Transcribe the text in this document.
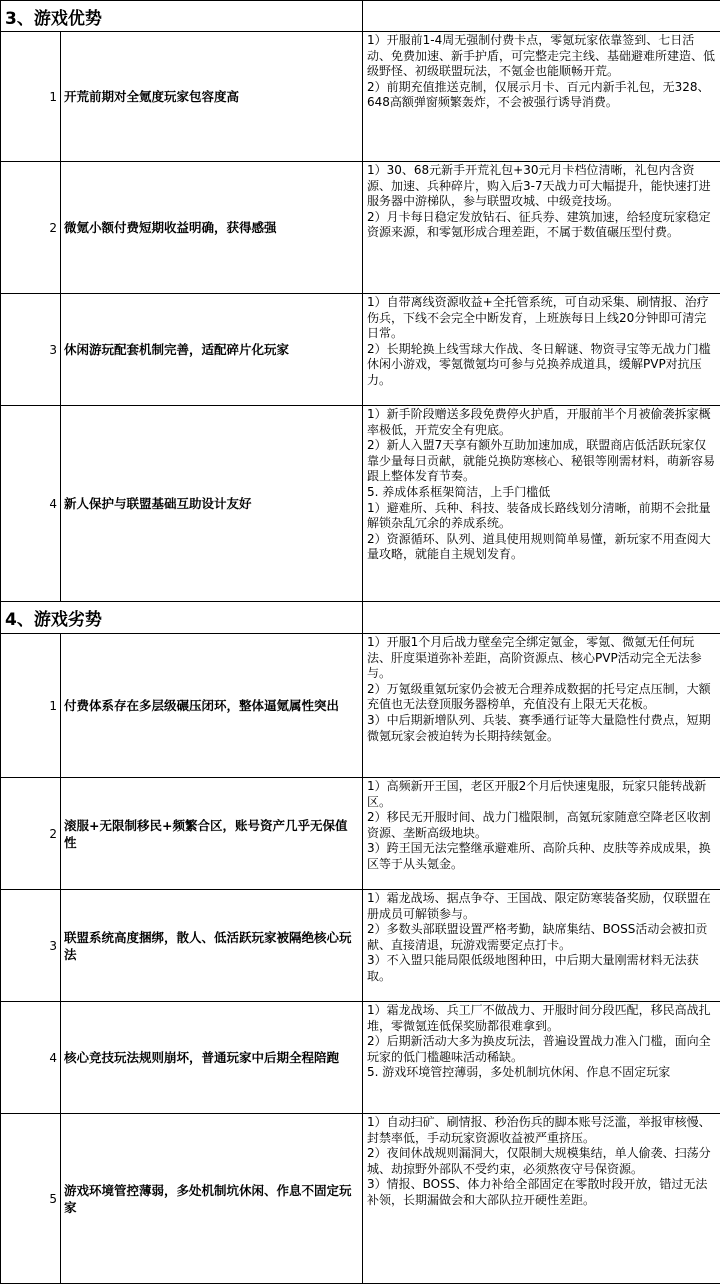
3、游戏优势		
1	开荒前期对全氪度玩家包容度高	1）开服前1-4周无强制付费卡点，零氪玩家依靠签到、七日活动、免费加速、新手护盾，可完整走完主线、基础避难所建造、低级野怪、初级联盟玩法，不氪金也能顺畅开荒。

2）前期充值推送克制，仅展示月卡、百元内新手礼包，无328、648高额弹窗频繁轰炸，不会被强行诱导消费。

2	微氪小额付费短期收益明确，获得感强	1）30、68元新手开荒礼包+30元月卡档位清晰，礼包内含资源、加速、兵种碎片，购入后3-7天战力可大幅提升，能快速打进服务器中游梯队，参与联盟攻城、中级竞技场。

2）月卡每日稳定发放钻石、征兵券、建筑加速，给轻度玩家稳定资源来源，和零氪形成合理差距，不属于数值碾压型付费。

3	休闲游玩配套机制完善，适配碎片化玩家	1）自带离线资源收益+全托管系统，可自动采集、刷情报、治疗伤兵，下线不会完全中断发育，上班族每日上线20分钟即可清完日常。

2）长期轮换上线雪球大作战、冬日解谜、物资寻宝等无战力门槛休闲小游戏，零氪微氪均可参与兑换养成道具，缓解PVP对抗压力。

4	新人保护与联盟基础互助设计友好	1）新手阶段赠送多段免费停火护盾，开服前半个月被偷袭拆家概率极低，开荒安全有兜底。

2）新人入盟7天享有额外互助加速加成，联盟商店低活跃玩家仅靠少量每日贡献，就能兑换防寒核心、秘银等刚需材料，萌新容易跟上整体发育节奏。

5. 养成体系框架简洁，上手门槛低

1）避难所、兵种、科技、装备成长路线划分清晰，前期不会批量解锁杂乱冗余的养成系统。

2）资源循环、队列、道具使用规则简单易懂，新玩家不用查阅大量攻略，就能自主规划发育。

4、游戏劣势		
1	付费体系存在多层级碾压闭环，整体逼氪属性突出	1）开服1个月后战力壁垒完全绑定氪金，零氪、微氪无任何玩法、肝度渠道弥补差距，高阶资源点、核心PVP活动完全无法参与。

2）万氪级重氪玩家仍会被无合理养成数据的托号定点压制，大额充值也无法登顶服务器榜单，充值没有上限无天花板。

3）中后期新增队列、兵装、赛季通行证等大量隐性付费点，短期微氪玩家会被迫转为长期持续氪金。

2	滚服+无限制移民+频繁合区，账号资产几乎无保值性	1）高频新开王国，老区开服2个月后快速鬼服，玩家只能转战新区。

2）移民无开服时间、战力门槛限制，高氪玩家随意空降老区收割资源、垄断高级地块。

3）跨王国无法完整继承避难所、高阶兵种、皮肤等养成成果，换区等于从头氪金。

3	联盟系统高度捆绑，散人、低活跃玩家被隔绝核心玩法	1）霜龙战场、据点争夺、王国战、限定防寒装备奖励，仅联盟在册成员可解锁参与。

2）多数头部联盟设置严格考勤，缺席集结、BOSS活动会被扣贡献、直接清退，玩游戏需要定点打卡。

3）不入盟只能局限低级地图种田，中后期大量刚需材料无法获取。

4	核心竞技玩法规则崩坏，普通玩家中后期全程陪跑	1）霜龙战场、兵工厂不做战力、开服时间分段匹配，移民高战扎堆，零微氪连低保奖励都很难拿到。

2）后期新活动大多为换皮玩法，普遍设置战力准入门槛，面向全玩家的低门槛趣味活动稀缺。

5. 游戏环境管控薄弱，多处机制坑休闲、作息不固定玩家

5	游戏环境管控薄弱，多处机制坑休闲、作息不固定玩家	1）自动扫矿、刷情报、秒治伤兵的脚本账号泛滥，举报审核慢、封禁率低，手动玩家资源收益被严重挤压。

2）夜间休战规则漏洞大，仅限制大规模集结，单人偷袭、扫荡分城、劫掠野外部队不受约束，必须熬夜守号保资源。

3）情报、BOSS、体力补给全部固定在零散时段开放，错过无法补领，长期漏做会和大部队拉开硬性差距。
